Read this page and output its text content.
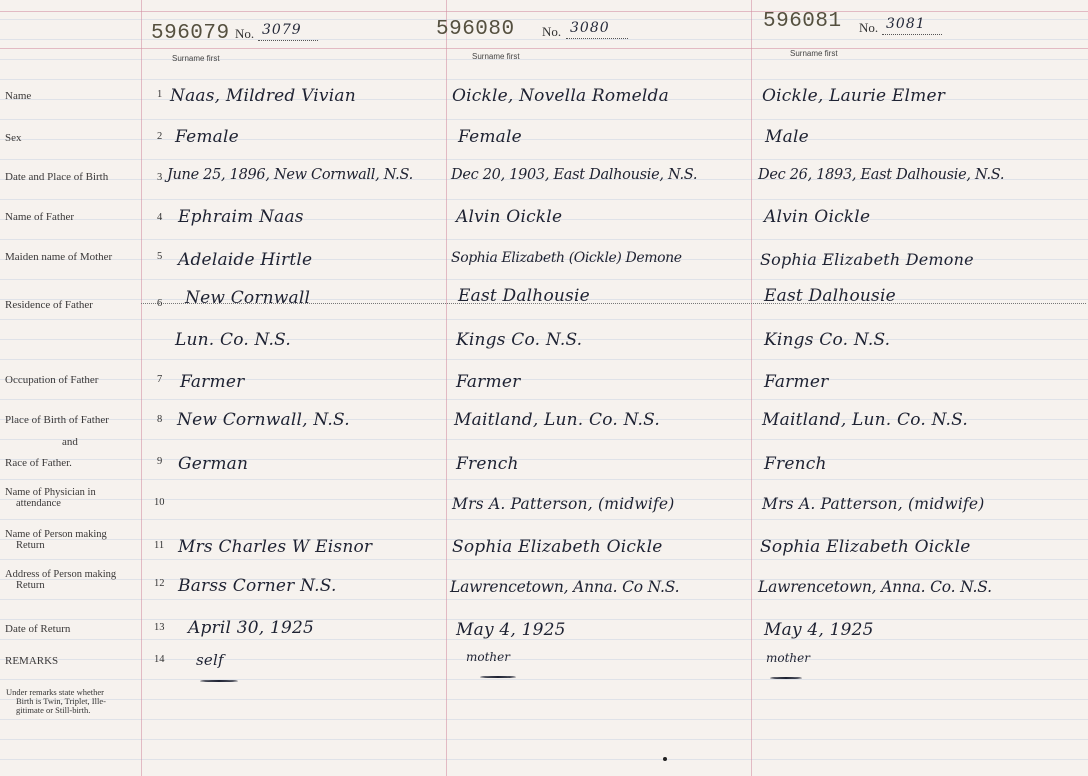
596079 No. 3079
Surname first
596080 No. 3080
Surname first
596081 No. 3081
Surname first
Name
Sex
Date and Place of Birth
Name of Father
Maiden name of Mother
Residence of Father
Occupation of Father
Place of Birth of Father
and
Race of Father.
Name of Physician in
attendance
Name of Person making
Return
Address of Person making
Return
Date of Return
REMARKS
Under remarks state whether
Birth is Twin, Triplet, Ille-
gitimate or Still-birth.
1
2
3
4
5
6
7
8
9
10
11
12
13
14
Naas, Mildred Vivian
Female
June 25, 1896, New Cornwall, N.S.
Ephraim Naas
Adelaide Hirtle
New Cornwall
Lun. Co. N.S.
Farmer
New Cornwall, N.S.
German
Mrs Charles W Eisnor
Barss Corner N.S.
April 30, 1925
self
Oickle, Novella Romelda
Female
Dec 20, 1903, East Dalhousie, N.S.
Alvin Oickle
Sophia Elizabeth (Oickle) Demone
East Dalhousie
Kings Co. N.S.
Farmer
Maitland, Lun. Co. N.S.
French
Mrs A. Patterson, (midwife)
Sophia Elizabeth Oickle
Lawrencetown, Anna. Co N.S.
May 4, 1925
mother
Oickle, Laurie Elmer
Male
Dec 26, 1893, East Dalhousie, N.S.
Alvin Oickle
Sophia Elizabeth Demone
East Dalhousie
Kings Co. N.S.
Farmer
Maitland, Lun. Co. N.S.
French
Mrs A. Patterson, (midwife)
Sophia Elizabeth Oickle
Lawrencetown, Anna. Co. N.S.
May 4, 1925
mother
